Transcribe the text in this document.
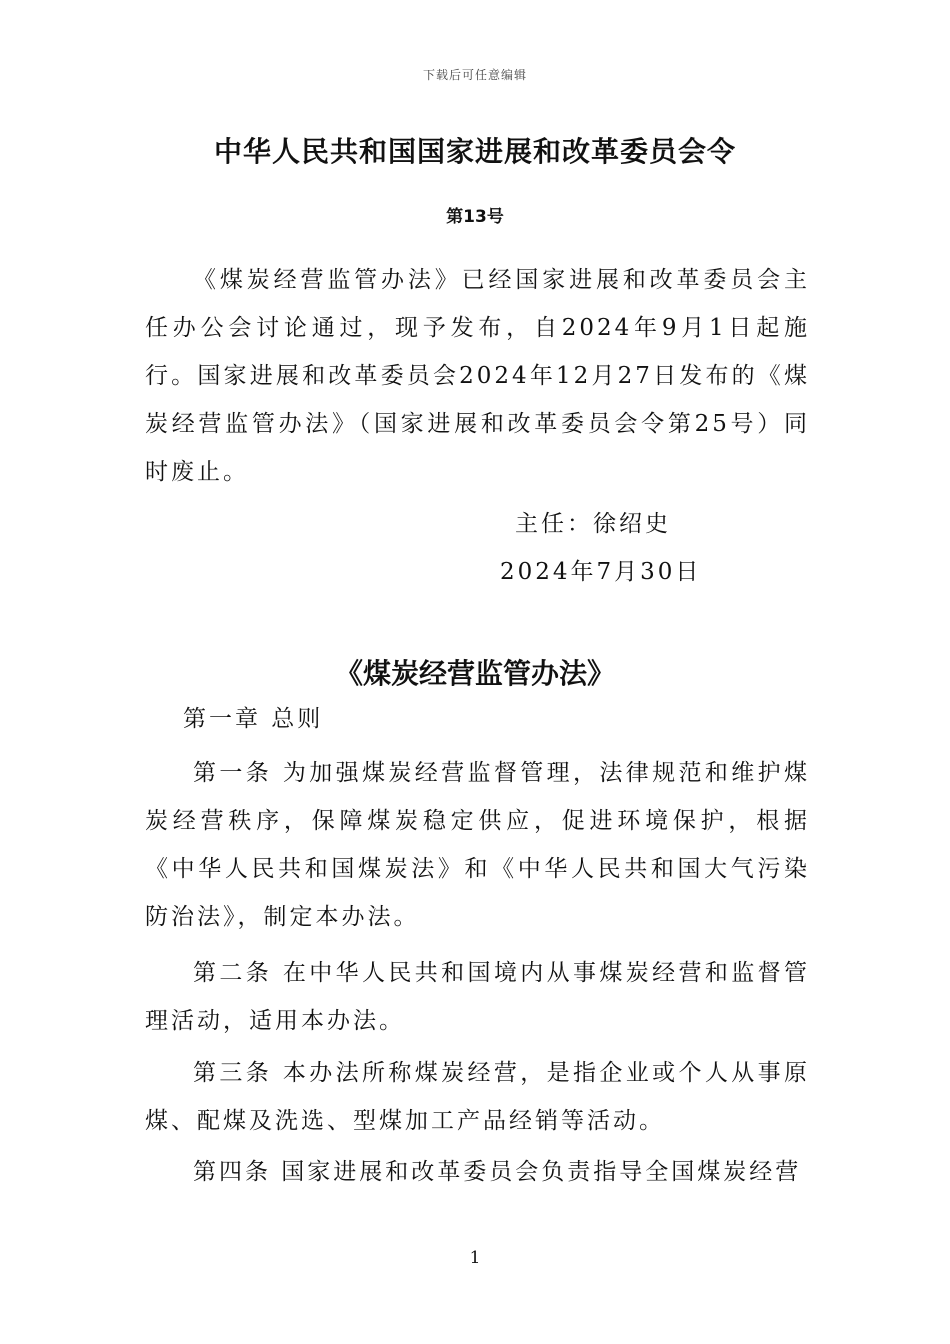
下载后可任意编辑
中华人民共和国国家进展和改革委员会令
第13号

《煤炭经营监管办法》已经国家进展和改革委员会主任办公会讨论通过，现予发布，自2024年9月1日起施行。国家进展和改革委员会2024年12月27日发布的《煤炭经营监管办法》（国家进展和改革委员会令第25号）同时废止。

主任：徐绍史
2024年7月30日
《煤炭经营监管办法》
第一章 总则

第一条 为加强煤炭经营监督管理，法律规范和维护煤炭经营秩序，保障煤炭稳定供应，促进环境保护，根据《中华人民共和国煤炭法》和《中华人民共和国大气污染防治法》，制定本办法。

第二条 在中华人民共和国境内从事煤炭经营和监督管理活动，适用本办法。

第三条 本办法所称煤炭经营，是指企业或个人从事原煤、配煤及洗选、型煤加工产品经销等活动。

第四条 国家进展和改革委员会负责指导全国煤炭经营

1
